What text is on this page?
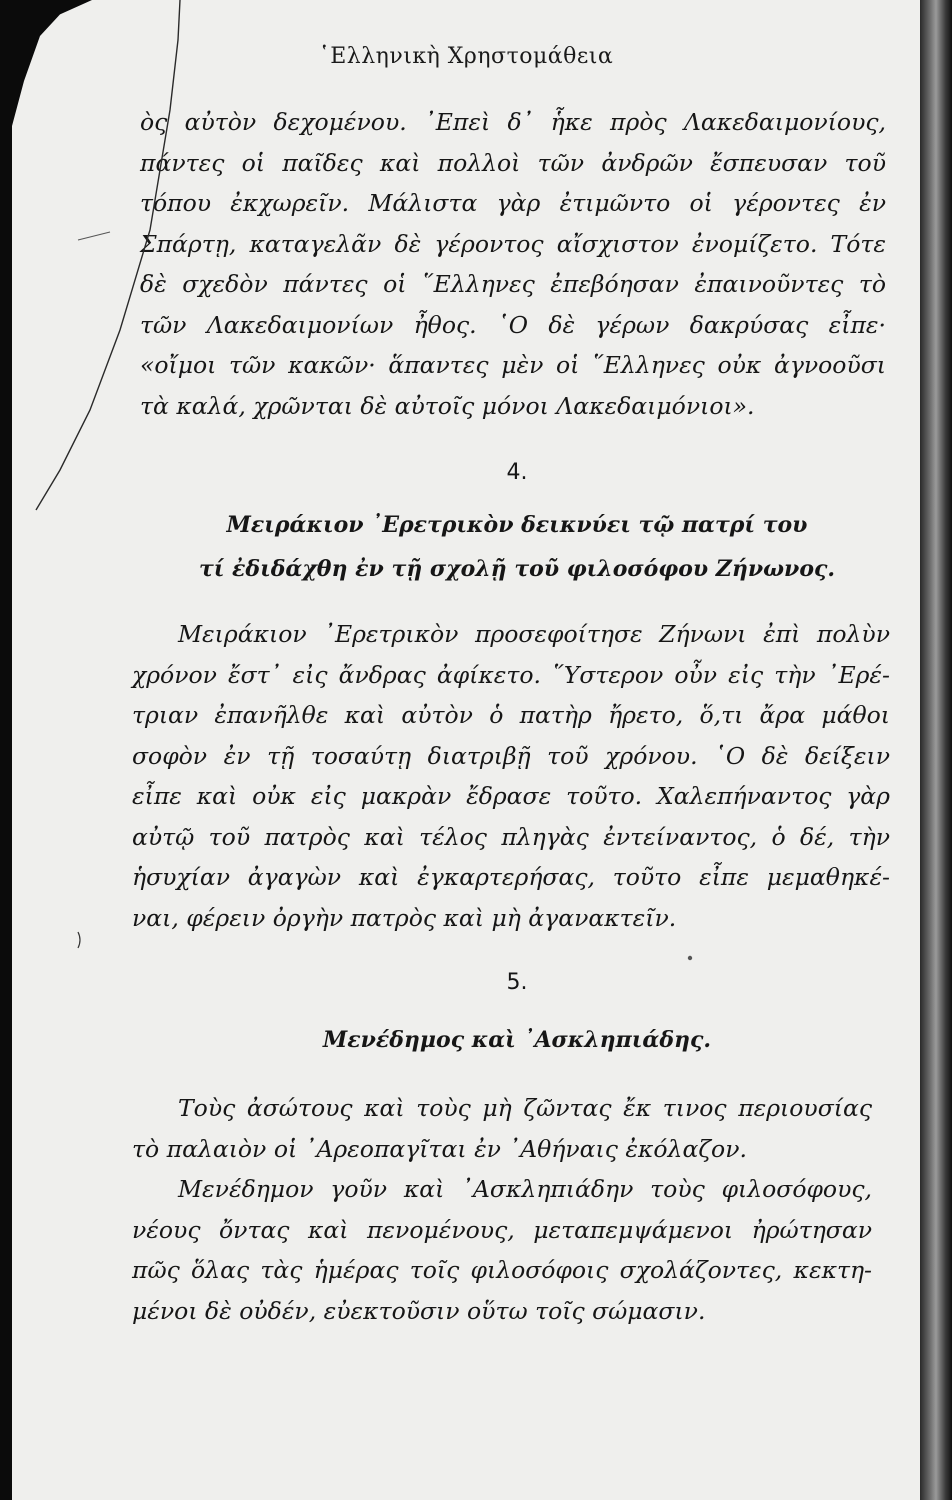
῾Ελληνικὴ Χρηστομάθεια
ὸς αὐτὸν δεχομένου. ᾿Επεὶ δ᾿ ἧκε πρὸς Λακεδαιμονίους,
πάντες οἱ παῖδες καὶ πολλοὶ τῶν ἀνδρῶν ἔσπευσαν τοῦ
τόπου ἐκχωρεῖν. Μάλιστα γὰρ ἐτιμῶντο οἱ γέροντες ἐν
Σπάρτῃ, καταγελᾶν δὲ γέροντος αἴσχιστον ἐνομίζετο. Τότε
δὲ σχεδὸν πάντες οἱ ῞Ελληνες ἐπεβόησαν ἐπαινοῦντες τὸ
τῶν Λακεδαιμονίων ἦθος. ῾Ο δὲ γέρων δακρύσας εἶπε·
«οἴμοι τῶν κακῶν· ἅπαντες μὲν οἱ ῞Ελληνες οὐκ ἀγνοοῦσι
τὰ καλά, χρῶνται δὲ αὐτοῖς μόνοι Λακεδαιμόνιοι».
4.
Μειράκιον ᾿Ερετρικὸν δεικνύει τῷ πατρί του
τί ἐδιδάχθη ἐν τῇ σχολῇ τοῦ φιλοσόφου Ζήνωνος.
Μειράκιον ᾿Ερετρικὸν προσεφοίτησε Ζήνωνι ἐπὶ πολὺν
χρόνον ἔστ᾿ εἰς ἄνδρας ἀφίκετο. ῞Υστερον οὖν εἰς τὴν ᾿Ερέ-
τριαν ἐπανῆλθε καὶ αὐτὸν ὁ πατὴρ ἤρετο, ὅ,τι ἄρα μάθοι
σοφὸν ἐν τῇ τοσαύτῃ διατριβῇ τοῦ χρόνου. ῾Ο δὲ δείξειν
εἶπε καὶ οὐκ εἰς μακρὰν ἔδρασε τοῦτο. Χαλεπήναντος γὰρ
αὐτῷ τοῦ πατρὸς καὶ τέλος πληγὰς ἐντείναντος, ὁ δέ, τὴν
ἡσυχίαν ἀγαγὼν καὶ ἐγκαρτερήσας, τοῦτο εἶπε μεμαθηκέ-
ναι, φέρειν ὀργὴν πατρὸς καὶ μὴ ἀγανακτεῖν.
5.
Μενέδημος καὶ ᾿Ασκληπιάδης.
Τοὺς ἀσώτους καὶ τοὺς μὴ ζῶντας ἔκ τινος περιουσίας
τὸ παλαιὸν οἱ ᾿Αρεοπαγῖται ἐν ᾿Αθήναις ἐκόλαζον.
Μενέδημον γοῦν καὶ ᾿Ασκληπιάδην τοὺς φιλοσόφους,
νέους ὄντας καὶ πενομένους, μεταπεμψάμενοι ἠρώτησαν
πῶς ὅλας τὰς ἡμέρας τοῖς φιλοσόφοις σχολάζοντες, κεκτη-
μένοι δὲ οὐδέν, εὐεκτοῦσιν οὕτω τοῖς σώμασιν.
